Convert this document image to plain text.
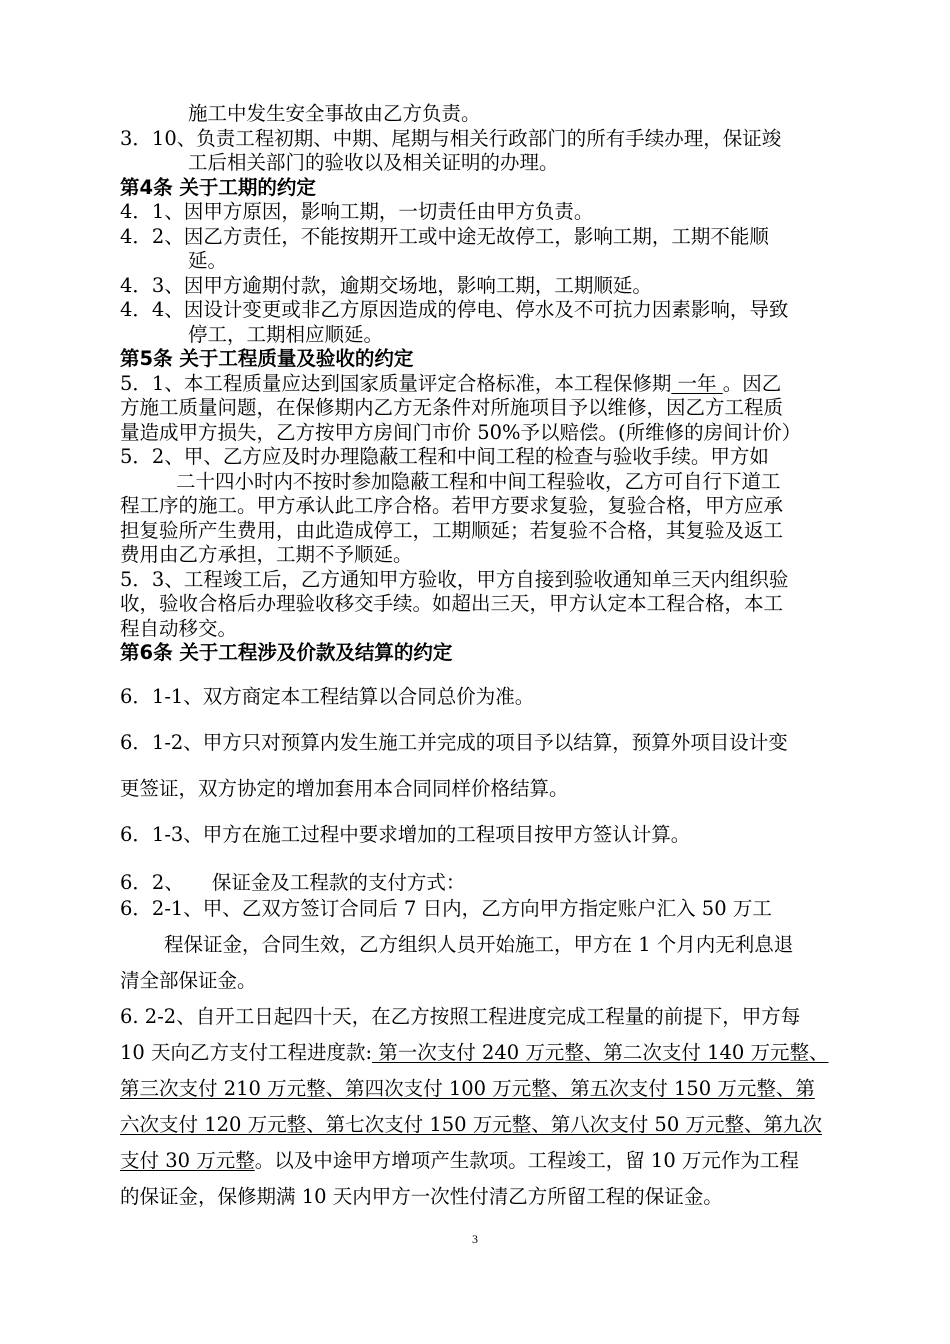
施工中发生安全事故由乙方负责。
3．10、负责工程初期、中期、尾期与相关行政部门的所有手续办理，保证竣
工后相关部门的验收以及相关证明的办理。
第4条 关于工期的约定
4．1、因甲方原因，影响工期，一切责任由甲方负责。
4．2、因乙方责任，不能按期开工或中途无故停工，影响工期，工期不能顺
延。
4．3、因甲方逾期付款，逾期交场地，影响工期，工期顺延。
4．4、因设计变更或非乙方原因造成的停电、停水及不可抗力因素影响，导致
停工，工期相应顺延。
第5条 关于工程质量及验收的约定
5．1、本工程质量应达到国家质量评定合格标准，本工程保修期 一年 。因乙
方施工质量问题，在保修期内乙方无条件对所施项目予以维修，因乙方工程质
量造成甲方损失，乙方按甲方房间门市价 50%予以赔偿。(所维修的房间计价）
5．2、甲、乙方应及时办理隐蔽工程和中间工程的检查与验收手续。甲方如
二十四小时内不按时参加隐蔽工程和中间工程验收，乙方可自行下道工
程工序的施工。甲方承认此工序合格。若甲方要求复验，复验合格，甲方应承
担复验所产生费用，由此造成停工，工期顺延；若复验不合格，其复验及返工
费用由乙方承担，工期不予顺延。
5．3、工程竣工后，乙方通知甲方验收，甲方自接到验收通知单三天内组织验
收，验收合格后办理验收移交手续。如超出三天，甲方认定本工程合格，本工
程自动移交。
第6条 关于工程涉及价款及结算的约定
6．1-1、双方商定本工程结算以合同总价为准。
6．1-2、甲方只对预算内发生施工并完成的项目予以结算，预算外项目设计变
更签证，双方协定的增加套用本合同同样价格结算。
6．1-3、甲方在施工过程中要求增加的工程项目按甲方签认计算。
6．2、 保证金及工程款的支付方式：
6．2-1、甲、乙双方签订合同后 7 日内，乙方向甲方指定账户汇入 50 万工
程保证金，合同生效，乙方组织人员开始施工，甲方在 1 个月内无利息退
清全部保证金。
6. 2-2、自开工日起四十天，在乙方按照工程进度完成工程量的前提下，甲方每
10 天向乙方支付工程进度款: 第一次支付 240 万元整、第二次支付 140 万元整、
第三次支付 210 万元整、第四次支付 100 万元整、第五次支付 150 万元整、第
六次支付 120 万元整、第七次支付 150 万元整、第八次支付 50 万元整、第九次
支付 30 万元整。以及中途甲方增项产生款项。工程竣工，留 10 万元作为工程
的保证金，保修期满 10 天内甲方一次性付清乙方所留工程的保证金。
3
